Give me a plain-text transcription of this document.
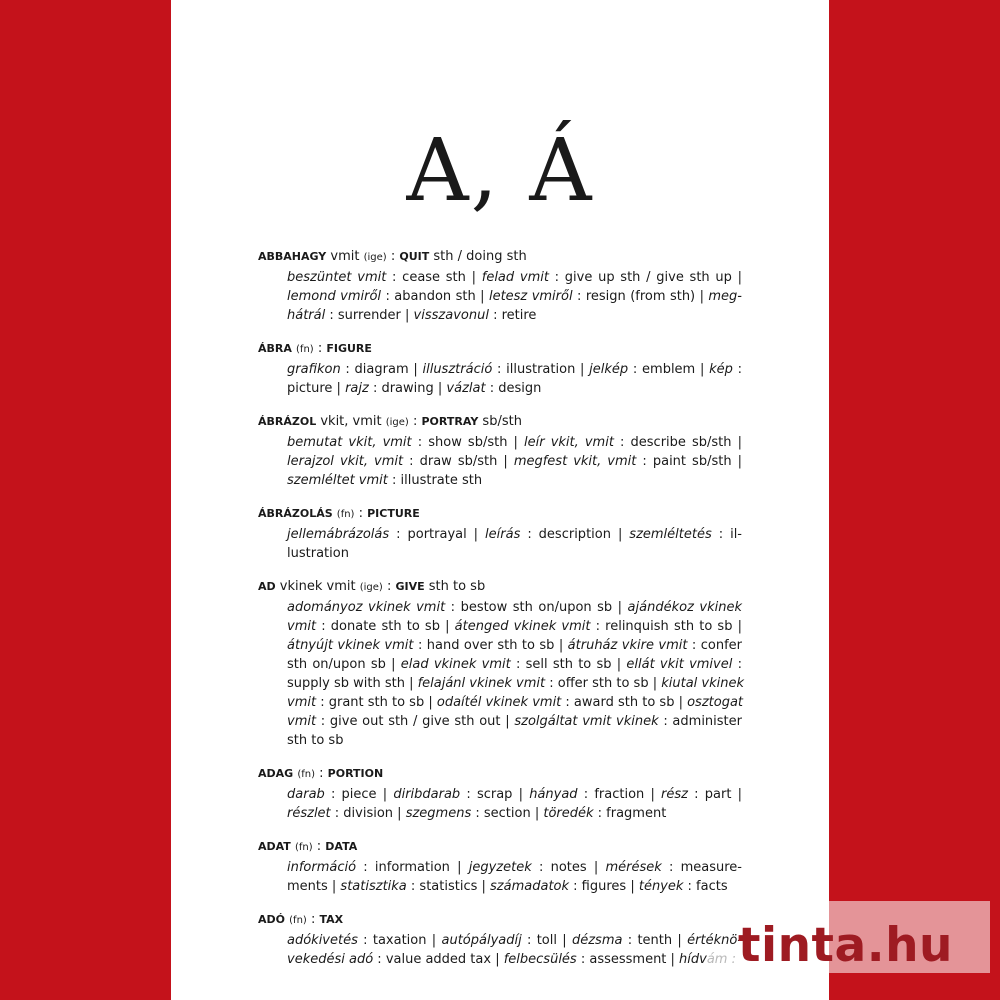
A, Á
ABBAHAGY vmit (ige) : QUIT sth / doing sth
beszüntet vmit : cease sth | felad vmit : give up sth / give sth up |
lemond vmiről : abandon sth | letesz vmiről : resign (from sth) | meg-
hátrál : surrender | visszavonul : retire
ÁBRA (fn) : FIGURE
grafikon : diagram | illusztráció : illustration | jelkép : emblem | kép :
picture | rajz : drawing | vázlat : design
ÁBRÁZOL vkit, vmit (ige) : PORTRAY sb/sth
bemutat vkit, vmit : show sb/sth | leír vkit, vmit : describe sb/sth |
lerajzol vkit, vmit : draw sb/sth | megfest vkit, vmit : paint sb/sth |
szemléltet vmit : illustrate sth
ÁBRÁZOLÁS (fn) : PICTURE
jellemábrázolás : portrayal | leírás : description | szemléltetés : il-
lustration
AD vkinek vmit (ige) : GIVE sth to sb
adományoz vkinek vmit : bestow sth on/upon sb | ajándékoz vkinek
vmit : donate sth to sb | átenged vkinek vmit : relinquish sth to sb |
átnyújt vkinek vmit : hand over sth to sb | átruház vkire vmit : confer
sth on/upon sb | elad vkinek vmit : sell sth to sb | ellát vkit vmivel :
supply sb with sth | felajánl vkinek vmit : offer sth to sb | kiutal vkinek
vmit : grant sth to sb | odaítél vkinek vmit : award sth to sb | osztogat
vmit : give out sth / give sth out | szolgáltat vmit vkinek : administer
sth to sb
ADAG (fn) : PORTION
darab : piece | diribdarab : scrap | hányad : fraction | rész : part |
részlet : division | szegmens : section | töredék : fragment
ADAT (fn) : DATA
információ : information | jegyzetek : notes | mérések : measure-
ments | statisztika : statistics | számadatok : figures | tények : facts
ADÓ (fn) : TAX
adókivetés : taxation | autópályadíj : toll | dézsma : tenth | értéknö-
vekedési adó : value added tax | felbecsülés : assessment | hídvám : tinta.hu
